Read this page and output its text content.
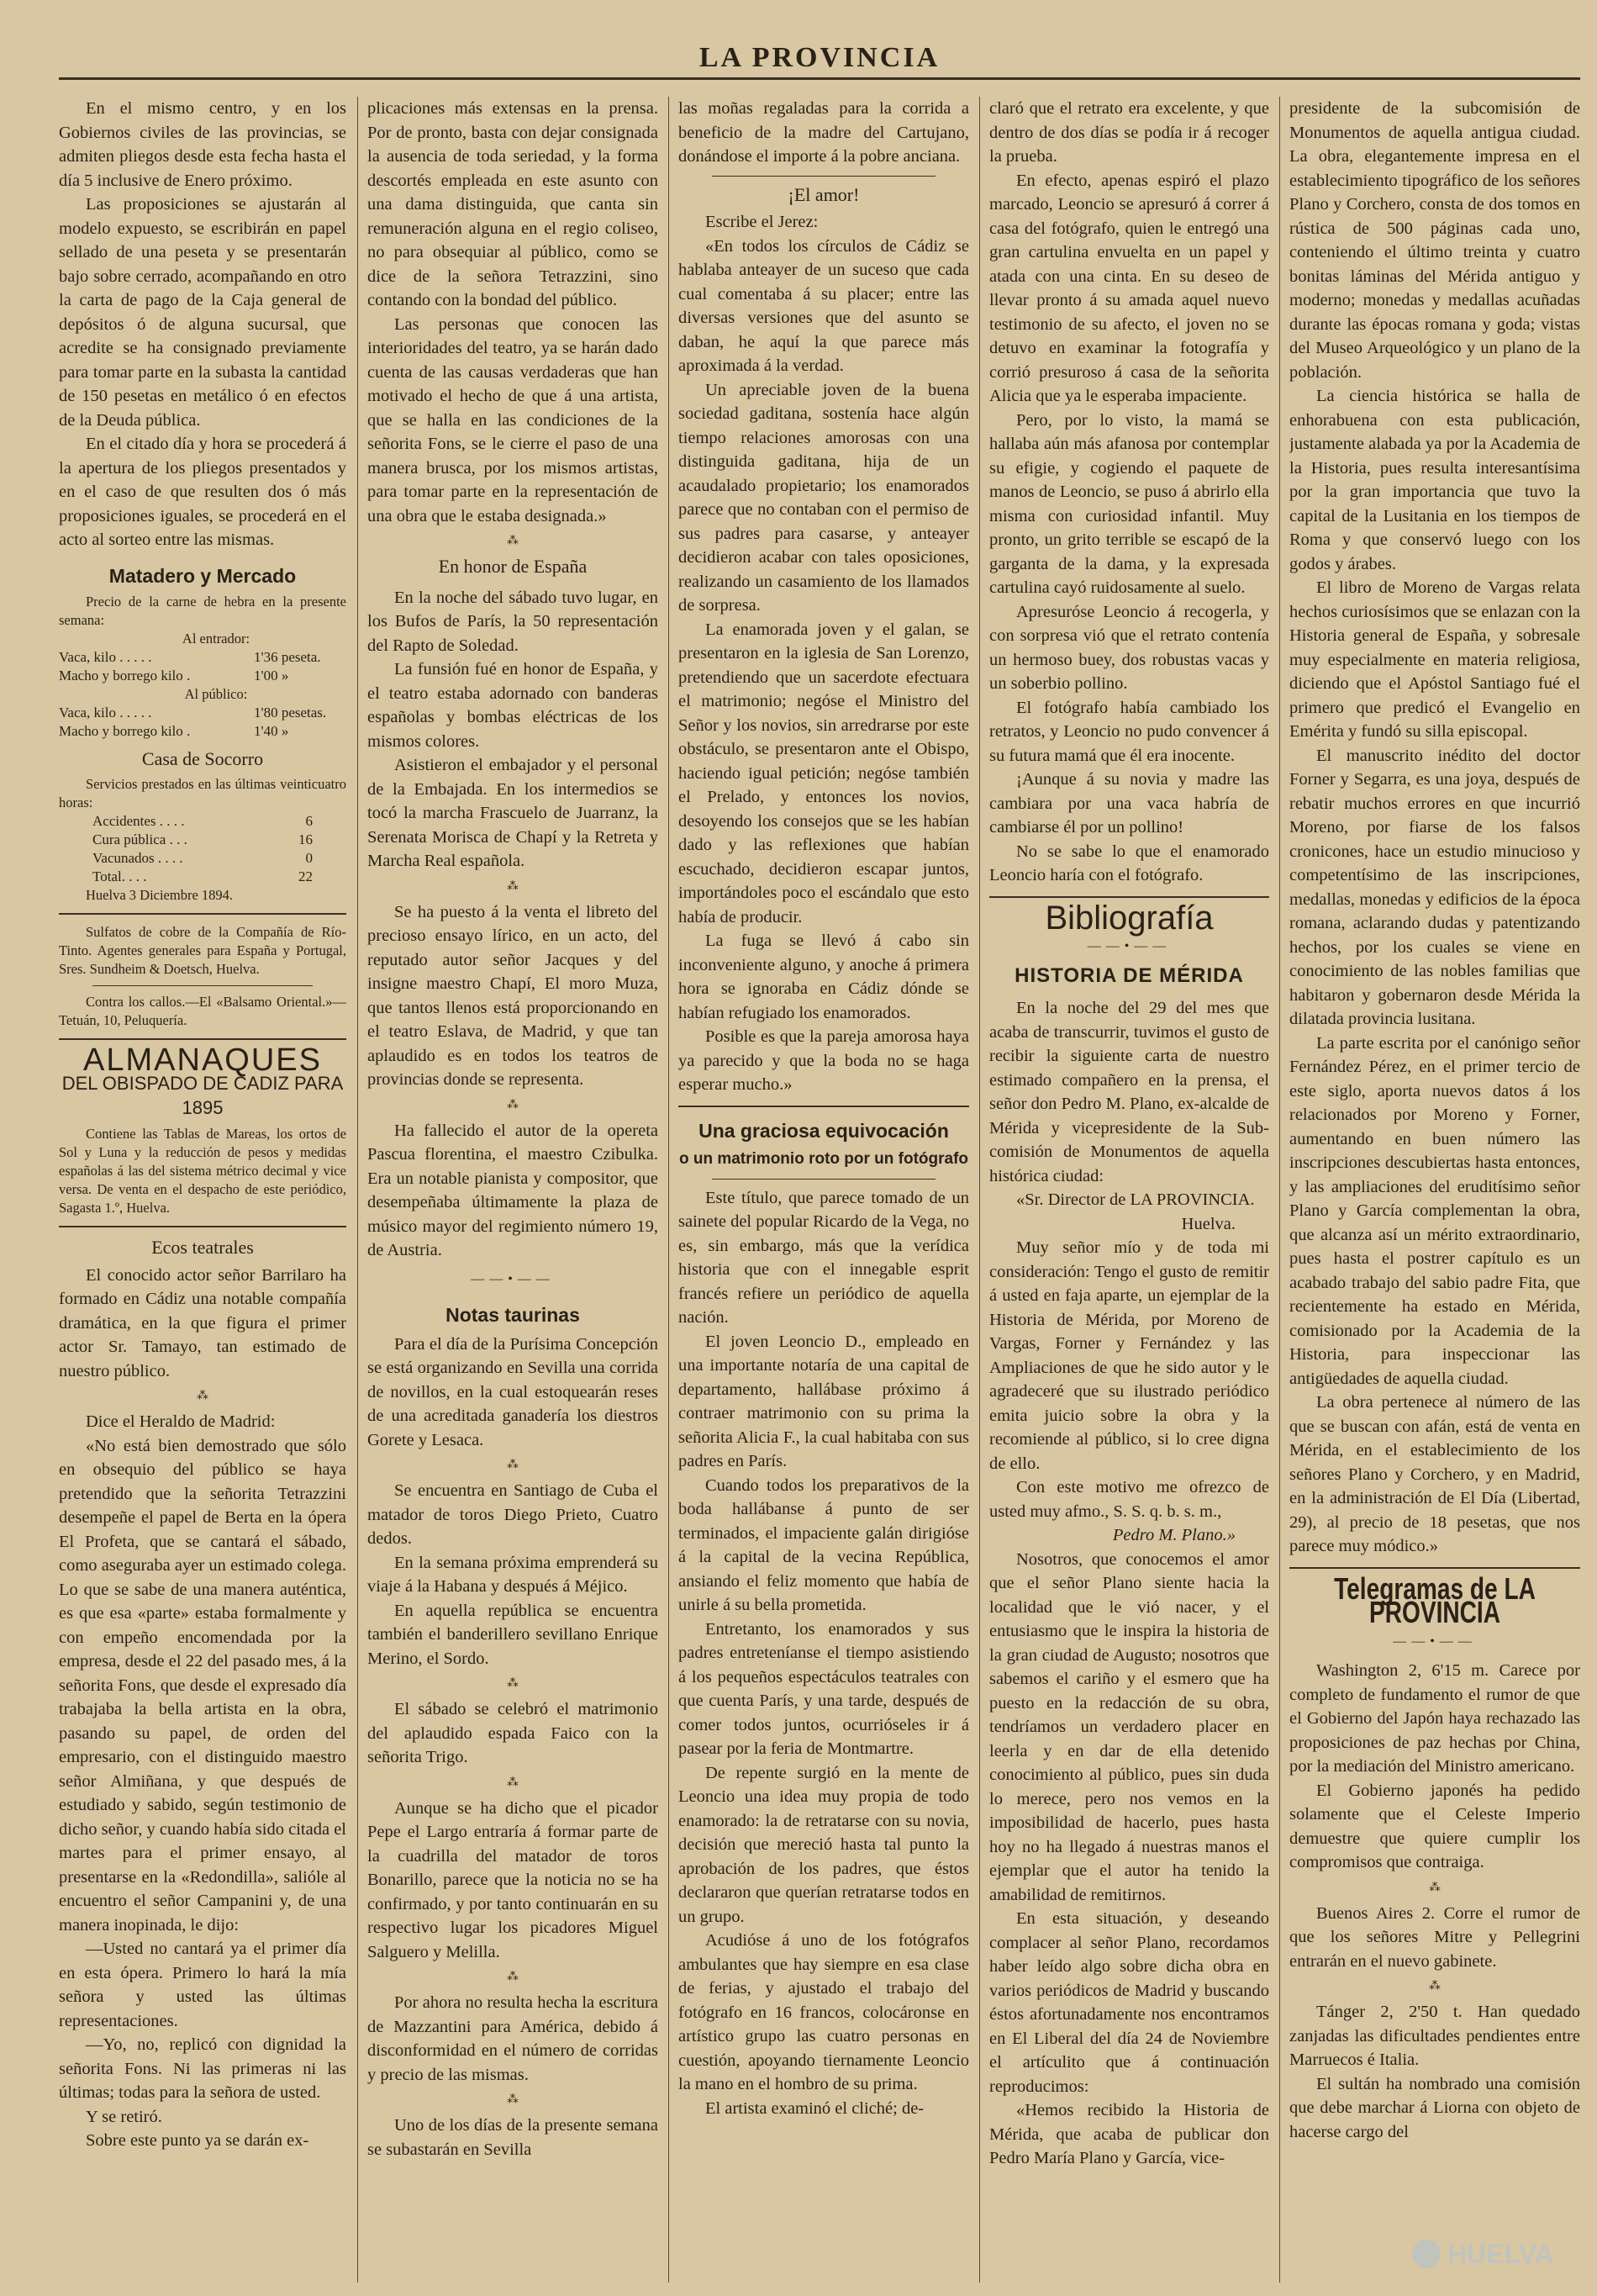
LA PROVINCIA

En el mismo centro, y en los Gobiernos civiles de las provincias, se admiten pliegos desde esta fecha hasta el día 5 inclusive de Enero próximo.

Las proposiciones se ajustarán al modelo expuesto, se escribirán en papel sellado de una peseta y se presentarán bajo sobre cerrado, acompañando en otro la carta de pago de la Caja general de depósitos ó de alguna sucursal, que acredite se ha consignado previamente para tomar parte en la subasta la cantidad de 150 pesetas en metálico ó en efectos de la Deuda pública.

En el citado día y hora se procederá á la apertura de los pliegos presentados y en el caso de que resulten dos ó más proposiciones iguales, se procederá en el acto al sorteo entre las mismas.

Matadero y Mercado

Precio de la carne de hebra en la presente semana:

Al entrador:

Vaca, kilo . . . . .	1'36 peseta.
Macho y borrego kilo .	1'00 »

Al público:

Vaca, kilo . . . . .	1'80 pesetas.
Macho y borrego kilo .	1'40 »
Casa de Socorro

Servicios prestados en las últimas veinticuatro horas:

Accidentes . . . .	6
Cura pública . . .	16
Vacunados . . . .	0
Total. . . .	22

Huelva 3 Diciembre 1894.

Sulfatos de cobre de la Compañía de Río-Tinto. Agentes generales para España y Portugal, Sres. Sundheim & Doetsch, Huelva.

Contra los callos.—El «Balsamo Oriental.»—Tetuán, 10, Peluquería.

ALMANAQUES
DEL OBISPADO DE CADIZ PARA 1895

Contiene las Tablas de Mareas, los ortos de Sol y Luna y la reducción de pesos y medidas españolas á las del sistema métrico decimal y vice versa. De venta en el despacho de este periódico, Sagasta 1.º, Huelva.

Ecos teatrales

El conocido actor señor Barrilaro ha formado en Cádiz una notable compañía dramática, en la que figura el primer actor Sr. Tamayo, tan estimado de nuestro público.

⁂

Dice el Heraldo de Madrid:

«No está bien demostrado que sólo en obsequio del público se haya pretendido que la señorita Tetrazzini desempeñe el papel de Berta en la ópera El Profeta, que se cantará el sábado, como aseguraba ayer un estimado colega. Lo que se sabe de una manera auténtica, es que esa «parte» estaba formalmente y con empeño encomendada por la empresa, desde el 22 del pasado mes, á la señorita Fons, que desde el expresado día trabajaba la bella artista en la obra, pasando su papel, de orden del empresario, con el distinguido maestro señor Almiñana, y que después de estudiado y sabido, según testimonio de dicho señor, y cuando había sido citada el martes para el primer ensayo, al presentarse en la «Redondilla», salióle al encuentro el señor Campanini y, de una manera inopinada, le dijo:

—Usted no cantará ya el primer día en esta ópera. Primero lo hará la mía señora y usted las últimas representaciones.

—Yo, no, replicó con dignidad la señorita Fons. Ni las primeras ni las últimas; todas para la señora de usted.

Y se retiró.

Sobre este punto ya se darán ex-

plicaciones más extensas en la prensa. Por de pronto, basta con dejar consignada la ausencia de toda seriedad, y la forma descortés empleada en este asunto con una dama distinguida, que canta sin remuneración alguna en el regio coliseo, no para obsequiar al público, como se dice de la señora Tetrazzini, sino contando con la bondad del público.

Las personas que conocen las interioridades del teatro, ya se harán dado cuenta de las causas verdaderas que han motivado el hecho de que á una artista, que se halla en las condiciones de la señorita Fons, se le cierre el paso de una manera brusca, por los mismos artistas, para tomar parte en la representación de una obra que le estaba designada.»

⁂
En honor de España

En la noche del sábado tuvo lugar, en los Bufos de París, la 50 representación del Rapto de Soledad.

La funsión fué en honor de España, y el teatro estaba adornado con banderas españolas y bombas eléctricas de los mismos colores.

Asistieron el embajador y el personal de la Embajada. En los intermedios se tocó la marcha Frascuelo de Juarranz, la Serenata Morisca de Chapí y la Retreta y Marcha Real española.

⁂

Se ha puesto á la venta el libreto del precioso ensayo lírico, en un acto, del reputado autor señor Jacques y del insigne maestro Chapí, El moro Muza, que tantos llenos está proporcionando en el teatro Eslava, de Madrid, y que tan aplaudido es en todos los teatros de provincias donde se representa.

⁂

Ha fallecido el autor de la opereta Pascua florentina, el maestro Czibulka. Era un notable pianista y compositor, que desempeñaba últimamente la plaza de músico mayor del regimiento número 19, de Austria.

——•——
Notas taurinas

Para el día de la Purísima Concepción se está organizando en Sevilla una corrida de novillos, en la cual estoquearán reses de una acreditada ganadería los diestros Gorete y Lesaca.

⁂

Se encuentra en Santiago de Cuba el matador de toros Diego Prieto, Cuatro dedos.

En la semana próxima emprenderá su viaje á la Habana y después á Méjico.

En aquella república se encuentra también el banderillero sevillano Enrique Merino, el Sordo.

⁂

El sábado se celebró el matrimonio del aplaudido espada Faico con la señorita Trigo.

⁂

Aunque se ha dicho que el picador Pepe el Largo entraría á formar parte de la cuadrilla del matador de toros Bonarillo, parece que la noticia no se ha confirmado, y por tanto continuarán en su respectivo lugar los picadores Miguel Salguero y Melilla.

⁂

Por ahora no resulta hecha la escritura de Mazzantini para América, debido á disconformidad en el número de corridas y precio de las mismas.

⁂

Uno de los días de la presente semana se subastarán en Sevilla

las moñas regaladas para la corrida a beneficio de la madre del Cartujano, donándose el importe á la pobre anciana.

¡El amor!

Escribe el Jerez:

«En todos los círculos de Cádiz se hablaba anteayer de un suceso que cada cual comentaba á su placer; entre las diversas versiones que del asunto se daban, he aquí la que parece más aproximada á la verdad.

Un apreciable joven de la buena sociedad gaditana, sostenía hace algún tiempo relaciones amorosas con una distinguida gaditana, hija de un acaudalado propietario; los enamorados parece que no contaban con el permiso de sus padres para casarse, y anteayer decidieron acabar con tales oposiciones, realizando un casamiento de los llamados de sorpresa.

La enamorada joven y el galan, se presentaron en la iglesia de San Lorenzo, pretendiendo que un sacerdote efectuara el matrimonio; negóse el Ministro del Señor y los novios, sin arredrarse por este obstáculo, se presentaron ante el Obispo, haciendo igual petición; negóse también el Prelado, y entonces los novios, desoyendo los consejos que se les habían dado y las reflexiones que habían escuchado, decidieron escapar juntos, importándoles poco el escándalo que esto había de producir.

La fuga se llevó á cabo sin inconveniente alguno, y anoche á primera hora se ignoraba en Cádiz dónde se habían refugiado los enamorados.

Posible es que la pareja amorosa haya ya parecido y que la boda no se haga esperar mucho.»

Una graciosa equivocación
o un matrimonio roto por un fotógrafo

Este título, que parece tomado de un sainete del popular Ricardo de la Vega, no es, sin embargo, más que la verídica historia que con el innegable esprit francés refiere un periódico de aquella nación.

El joven Leoncio D., empleado en una importante notaría de una capital de departamento, hallábase próximo á contraer matrimonio con su prima la señorita Alicia F., la cual habitaba con sus padres en París.

Cuando todos los preparativos de la boda hallábanse á punto de ser terminados, el impaciente galán dirigióse á la capital de la vecina República, ansiando el feliz momento que había de unirle á su bella prometida.

Entretanto, los enamorados y sus padres entreteníanse el tiempo asistiendo á los pequeños espectáculos teatrales con que cuenta París, y una tarde, después de comer todos juntos, ocurrióseles ir á pasear por la feria de Montmartre.

De repente surgió en la mente de Leoncio una idea muy propia de todo enamorado: la de retratarse con su novia, decisión que mereció hasta tal punto la aprobación de los padres, que éstos declararon que querían retratarse todos en un grupo.

Acudióse á uno de los fotógrafos ambulantes que hay siempre en esa clase de ferias, y ajustado el trabajo del fotógrafo en 16 francos, colocáronse en artístico grupo las cuatro personas en cuestión, apoyando tiernamente Leoncio la mano en el hombro de su prima.

El artista examinó el cliché; de-

claró que el retrato era excelente, y que dentro de dos días se podía ir á recoger la prueba.

En efecto, apenas espiró el plazo marcado, Leoncio se apresuró á correr á casa del fotógrafo, quien le entregó una gran cartulina envuelta en un papel y atada con una cinta. En su deseo de llevar pronto á su amada aquel nuevo testimonio de su afecto, el joven no se detuvo en examinar la fotografía y corrió presuroso á casa de la señorita Alicia que ya le esperaba impaciente.

Pero, por lo visto, la mamá se hallaba aún más afanosa por contemplar su efigie, y cogiendo el paquete de manos de Leoncio, se puso á abrirlo ella misma con curiosidad infantil. Muy pronto, un grito terrible se escapó de la garganta de la dama, y la expresada cartulina cayó ruidosamente al suelo.

Apresuróse Leoncio á recogerla, y con sorpresa vió que el retrato contenía un hermoso buey, dos robustas vacas y un soberbio pollino.

El fotógrafo había cambiado los retratos, y Leoncio no pudo convencer á su futura mamá que él era inocente.

¡Aunque á su novia y madre las cambiara por una vaca habría de cambiarse él por un pollino!

No se sabe lo que el enamorado Leoncio haría con el fotógrafo.

Bibliografía
——•——
HISTORIA DE MÉRIDA

En la noche del 29 del mes que acaba de transcurrir, tuvimos el gusto de recibir la siguiente carta de nuestro estimado compañero en la prensa, el señor don Pedro M. Plano, ex-alcalde de Mérida y vicepresidente de la Sub-comisión de Monumentos de aquella histórica ciudad:

«Sr. Director de LA PROVINCIA.

Huelva.

Muy señor mío y de toda mi consideración: Tengo el gusto de remitir á usted en faja aparte, un ejemplar de la Historia de Mérida, por Moreno de Vargas, Forner y Fernández y las Ampliaciones de que he sido autor y le agradeceré que su ilustrado periódico emita juicio sobre la obra y la recomiende al público, si lo cree digna de ello.

Con este motivo me ofrezco de usted muy afmo., S. S. q. b. s. m.,

Pedro M. Plano.»

Nosotros, que conocemos el amor que el señor Plano siente hacia la localidad que le vió nacer, y el entusiasmo que le inspira la historia de la gran ciudad de Augusto; nosotros que sabemos el cariño y el esmero que ha puesto en la redacción de su obra, tendríamos un verdadero placer en leerla y en dar de ella detenido conocimiento al público, pues sin duda lo merece, pero nos vemos en la imposibilidad de hacerlo, pues hasta hoy no ha llegado á nuestras manos el ejemplar que el autor ha tenido la amabilidad de remitirnos.

En esta situación, y deseando complacer al señor Plano, recordamos haber leído algo sobre dicha obra en varios periódicos de Madrid y buscando éstos afortunadamente nos encontramos en El Liberal del día 24 de Noviembre el artículito que á continuación reproducimos:

«Hemos recibido la Historia de Mérida, que acaba de publicar don Pedro María Plano y García, vice-

presidente de la subcomisión de Monumentos de aquella antigua ciudad. La obra, elegantemente impresa en el establecimiento tipográfico de los señores Plano y Corchero, consta de dos tomos en rústica de 500 páginas cada uno, conteniendo el último treinta y cuatro bonitas láminas del Mérida antiguo y moderno; monedas y medallas acuñadas durante las épocas romana y goda; vistas del Museo Arqueológico y un plano de la población.

La ciencia histórica se halla de enhorabuena con esta publicación, justamente alabada ya por la Academia de la Historia, pues resulta interesantísima por la gran importancia que tuvo la capital de la Lusitania en los tiempos de Roma y que conservó luego con los godos y árabes.

El libro de Moreno de Vargas relata hechos curiosísimos que se enlazan con la Historia general de España, y sobresale muy especialmente en materia religiosa, diciendo que el Apóstol Santiago fué el primero que predicó el Evangelio en Emérita y fundó su silla episcopal.

El manuscrito inédito del doctor Forner y Segarra, es una joya, después de rebatir muchos errores en que incurrió Moreno, por fiarse de los falsos cronicones, hace un estudio minucioso y competentísimo de las inscripciones, medallas, monedas y edificios de la época romana, aclarando dudas y patentizando hechos, por los cuales se viene en conocimiento de las nobles familias que habitaron y gobernaron desde Mérida la dilatada provincia lusitana.

La parte escrita por el canónigo señor Fernández Pérez, en el primer tercio de este siglo, aporta nuevos datos á los relacionados por Moreno y Forner, aumentando en buen número las inscripciones descubiertas hasta entonces, y las ampliaciones del eruditísimo señor Plano y García complementan la obra, que alcanza así un mérito extraordinario, pues hasta el postrer capítulo es un acabado trabajo del sabio padre Fita, que recientemente ha estado en Mérida, comisionado por la Academia de la Historia, para inspeccionar las antigüedades de aquella ciudad.

La obra pertenece al número de las que se buscan con afán, está de venta en Mérida, en el establecimiento de los señores Plano y Corchero, y en Madrid, en la administración de El Día (Libertad, 29), al precio de 18 pesetas, que nos parece muy módico.»

Telegramas de LA PROVINCIA
——•——

Washington 2, 6'15 m. Carece por completo de fundamento el rumor de que el Gobierno del Japón haya rechazado las proposiciones de paz hechas por China, por la mediación del Ministro americano.

El Gobierno japonés ha pedido solamente que el Celeste Imperio demuestre que quiere cumplir los compromisos que contraiga.

⁂

Buenos Aires 2. Corre el rumor de que los señores Mitre y Pellegrini entrarán en el nuevo gabinete.

⁂

Tánger 2, 2'50 t. Han quedado zanjadas las dificultades pendientes entre Marruecos é Italia.

El sultán ha nombrado una comisión que debe marchar á Liorna con objeto de hacerse cargo del

HUELVA
